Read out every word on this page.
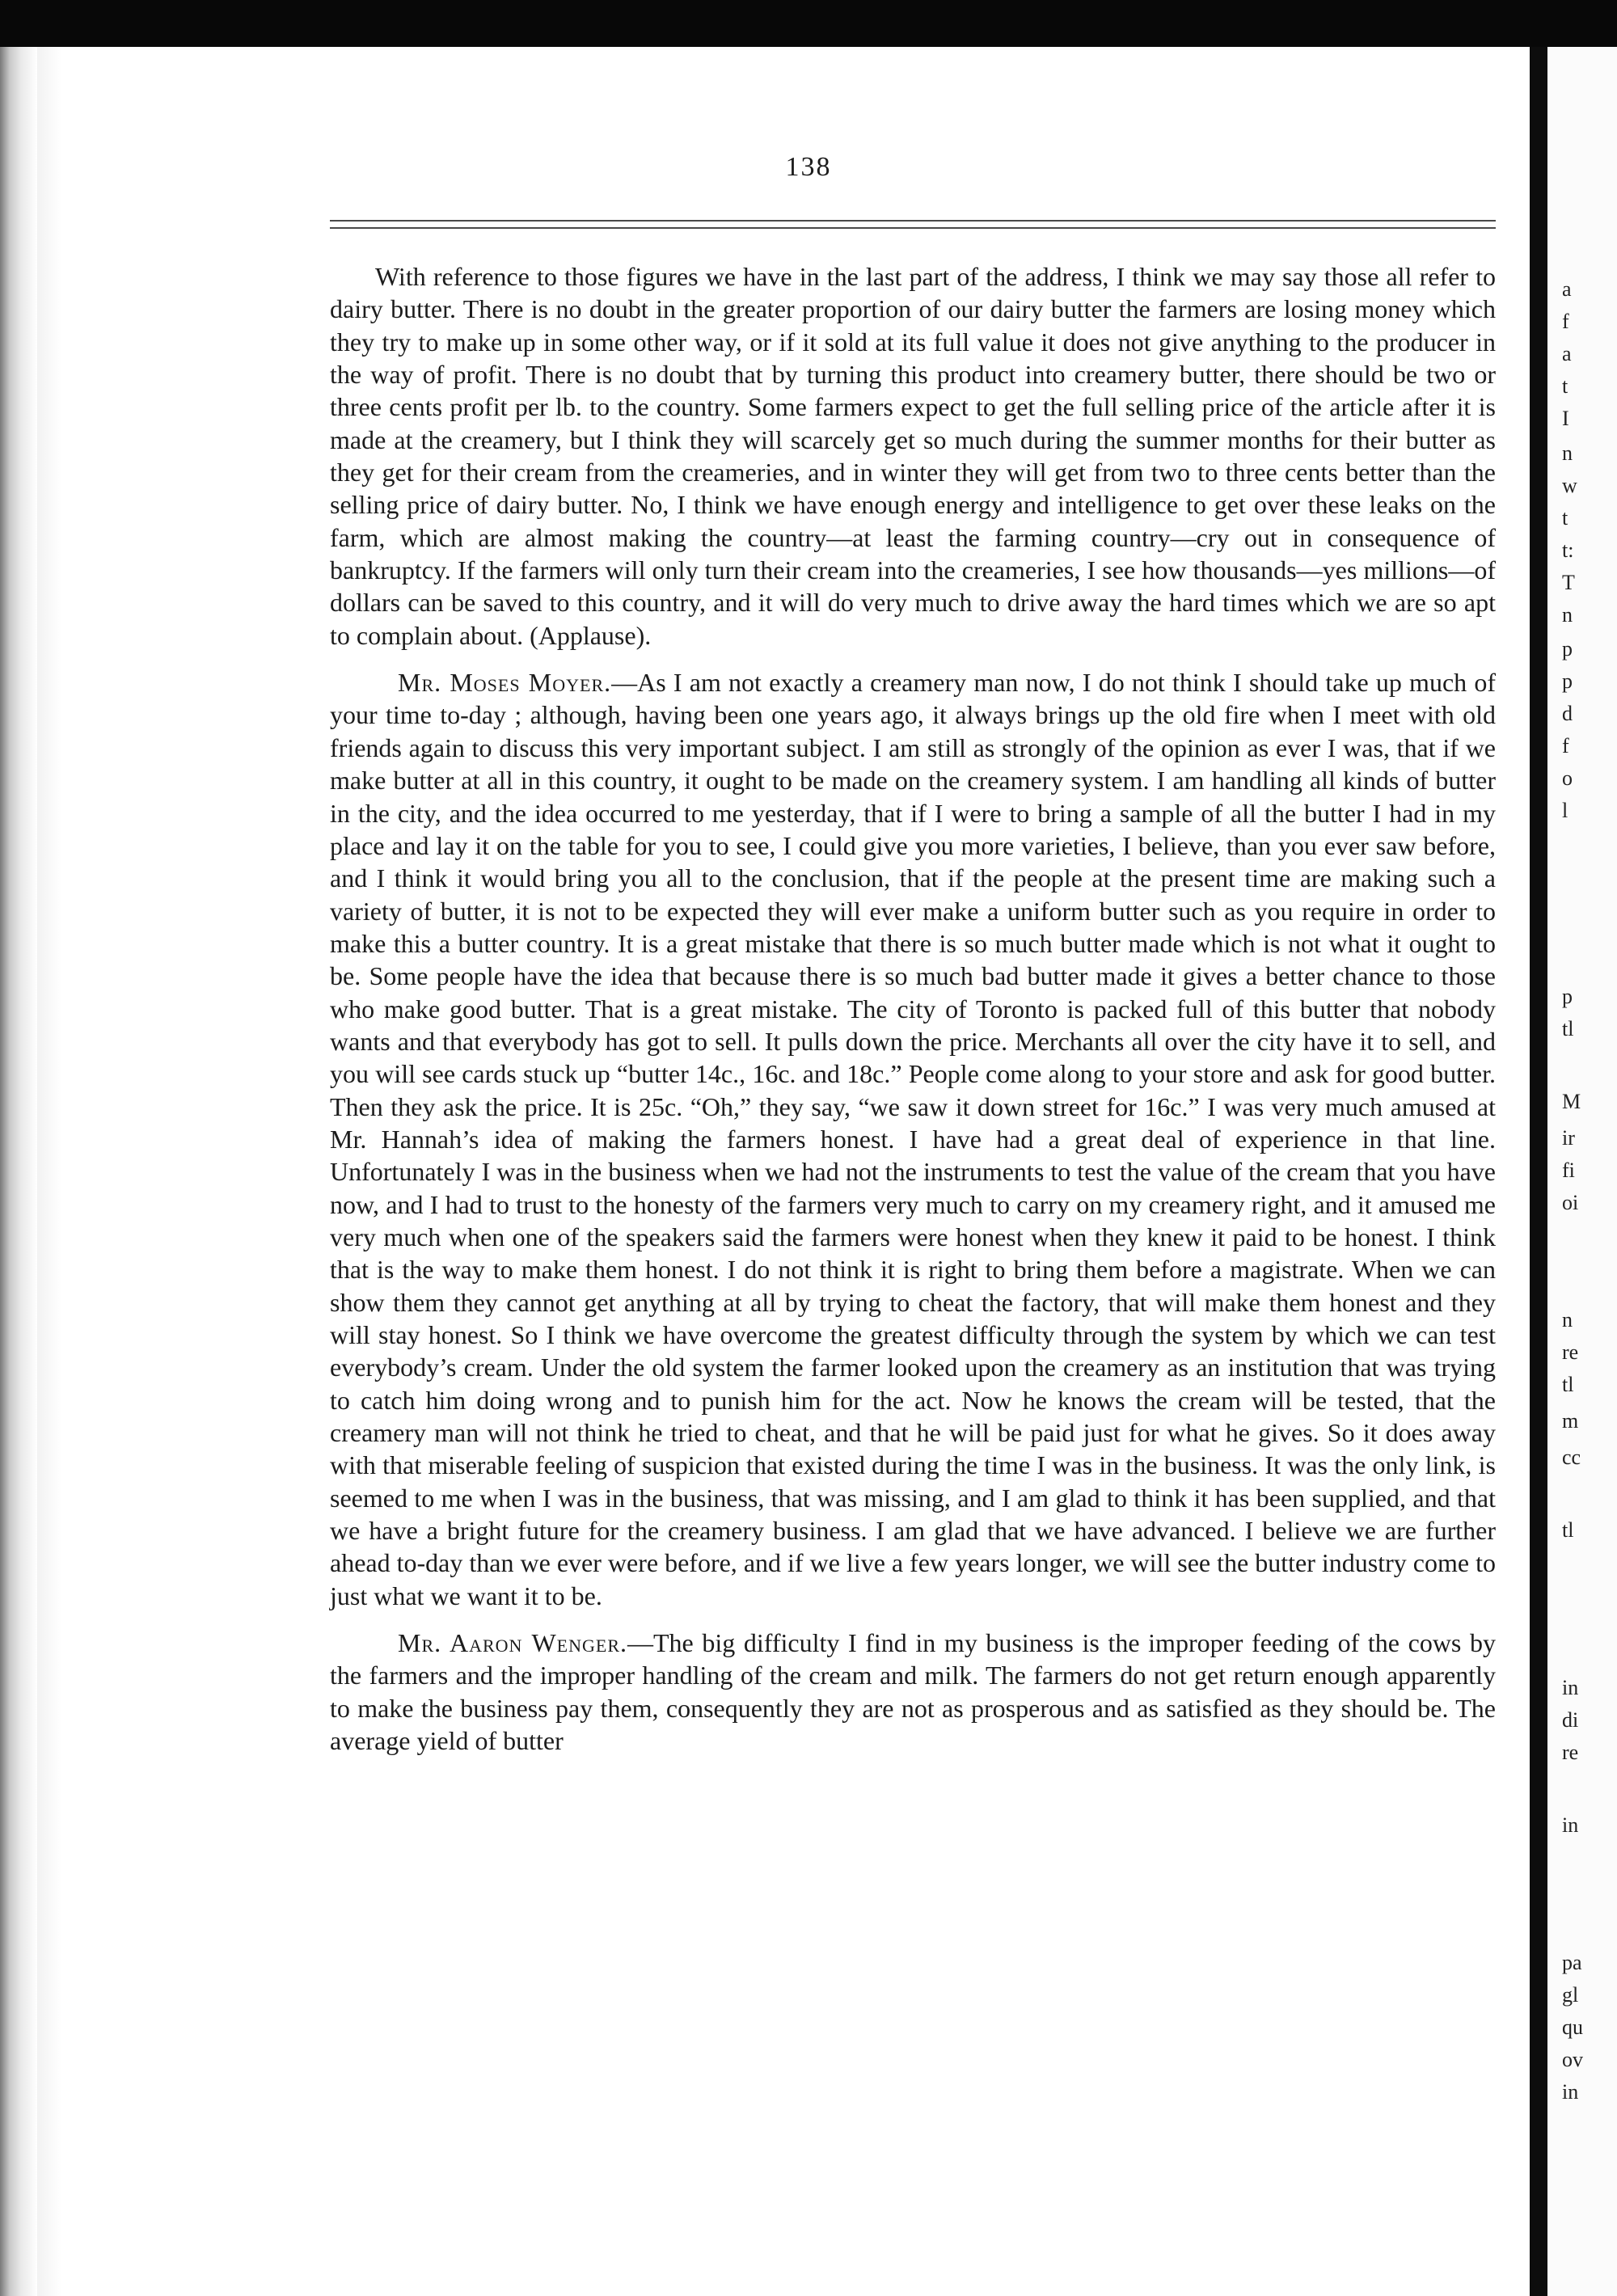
a
f
a
t
I
n
w
t
t:
T
n
p
p
d
f
o
l
p
tl
M
ir
fi
oi
n
re
tl
m
cc
tl
in
di
re
in
pa
gl
qu
ov
in
138

With reference to those figures we have in the last part of the address, I think we may say those all refer to dairy butter. There is no doubt in the greater proportion of our dairy butter the farmers are losing money which they try to make up in some other way, or if it sold at its full value it does not give anything to the producer in the way of profit. There is no doubt that by turning this product into creamery butter, there should be two or three cents profit per lb. to the country. Some farmers expect to get the full selling price of the article after it is made at the creamery, but I think they will scarcely get so much during the summer months for their butter as they get for their cream from the creameries, and in winter they will get from two to three cents better than the selling price of dairy butter. No, I think we have enough energy and intelligence to get over these leaks on the farm, which are almost making the country—at least the farming country—cry out in consequence of bankruptcy. If the farmers will only turn their cream into the creameries, I see how thousands—yes millions—of dollars can be saved to this country, and it will do very much to drive away the hard times which we are so apt to complain about. (Applause).

Mr. Moses Moyer.—As I am not exactly a creamery man now, I do not think I should take up much of your time to-day ; although, having been one years ago, it always brings up the old fire when I meet with old friends again to discuss this very important subject. I am still as strongly of the opinion as ever I was, that if we make butter at all in this country, it ought to be made on the creamery system. I am handling all kinds of butter in the city, and the idea occurred to me yesterday, that if I were to bring a sample of all the butter I had in my place and lay it on the table for you to see, I could give you more varieties, I believe, than you ever saw before, and I think it would bring you all to the conclusion, that if the people at the present time are making such a variety of butter, it is not to be expected they will ever make a uniform butter such as you require in order to make this a butter country. It is a great mistake that there is so much butter made which is not what it ought to be. Some people have the idea that because there is so much bad butter made it gives a better chance to those who make good butter. That is a great mistake. The city of Toronto is packed full of this butter that nobody wants and that everybody has got to sell. It pulls down the price. Merchants all over the city have it to sell, and you will see cards stuck up “butter 14c., 16c. and 18c.” People come along to your store and ask for good butter. Then they ask the price. It is 25c. “Oh,” they say, “we saw it down street for 16c.” I was very much amused at Mr. Hannah’s idea of making the farmers honest. I have had a great deal of experience in that line. Unfortunately I was in the business when we had not the instruments to test the value of the cream that you have now, and I had to trust to the honesty of the farmers very much to carry on my creamery right, and it amused me very much when one of the speakers said the farmers were honest when they knew it paid to be honest. I think that is the way to make them honest. I do not think it is right to bring them before a magistrate. When we can show them they cannot get anything at all by trying to cheat the factory, that will make them honest and they will stay honest. So I think we have overcome the greatest difficulty through the system by which we can test everybody’s cream. Under the old system the farmer looked upon the creamery as an institution that was trying to catch him doing wrong and to punish him for the act. Now he knows the cream will be tested, that the creamery man will not think he tried to cheat, and that he will be paid just for what he gives. So it does away with that miserable feeling of suspicion that existed during the time I was in the business. It was the only link, is seemed to me when I was in the business, that was missing, and I am glad to think it has been supplied, and that we have a bright future for the creamery business. I am glad that we have advanced. I believe we are further ahead to-day than we ever were before, and if we live a few years longer, we will see the butter industry come to just what we want it to be.

Mr. Aaron Wenger.—The big difficulty I find in my business is the improper feeding of the cows by the farmers and the improper handling of the cream and milk. The farmers do not get return enough apparently to make the business pay them, consequently they are not as prosperous and as satisfied as they should be. The average yield of butter
